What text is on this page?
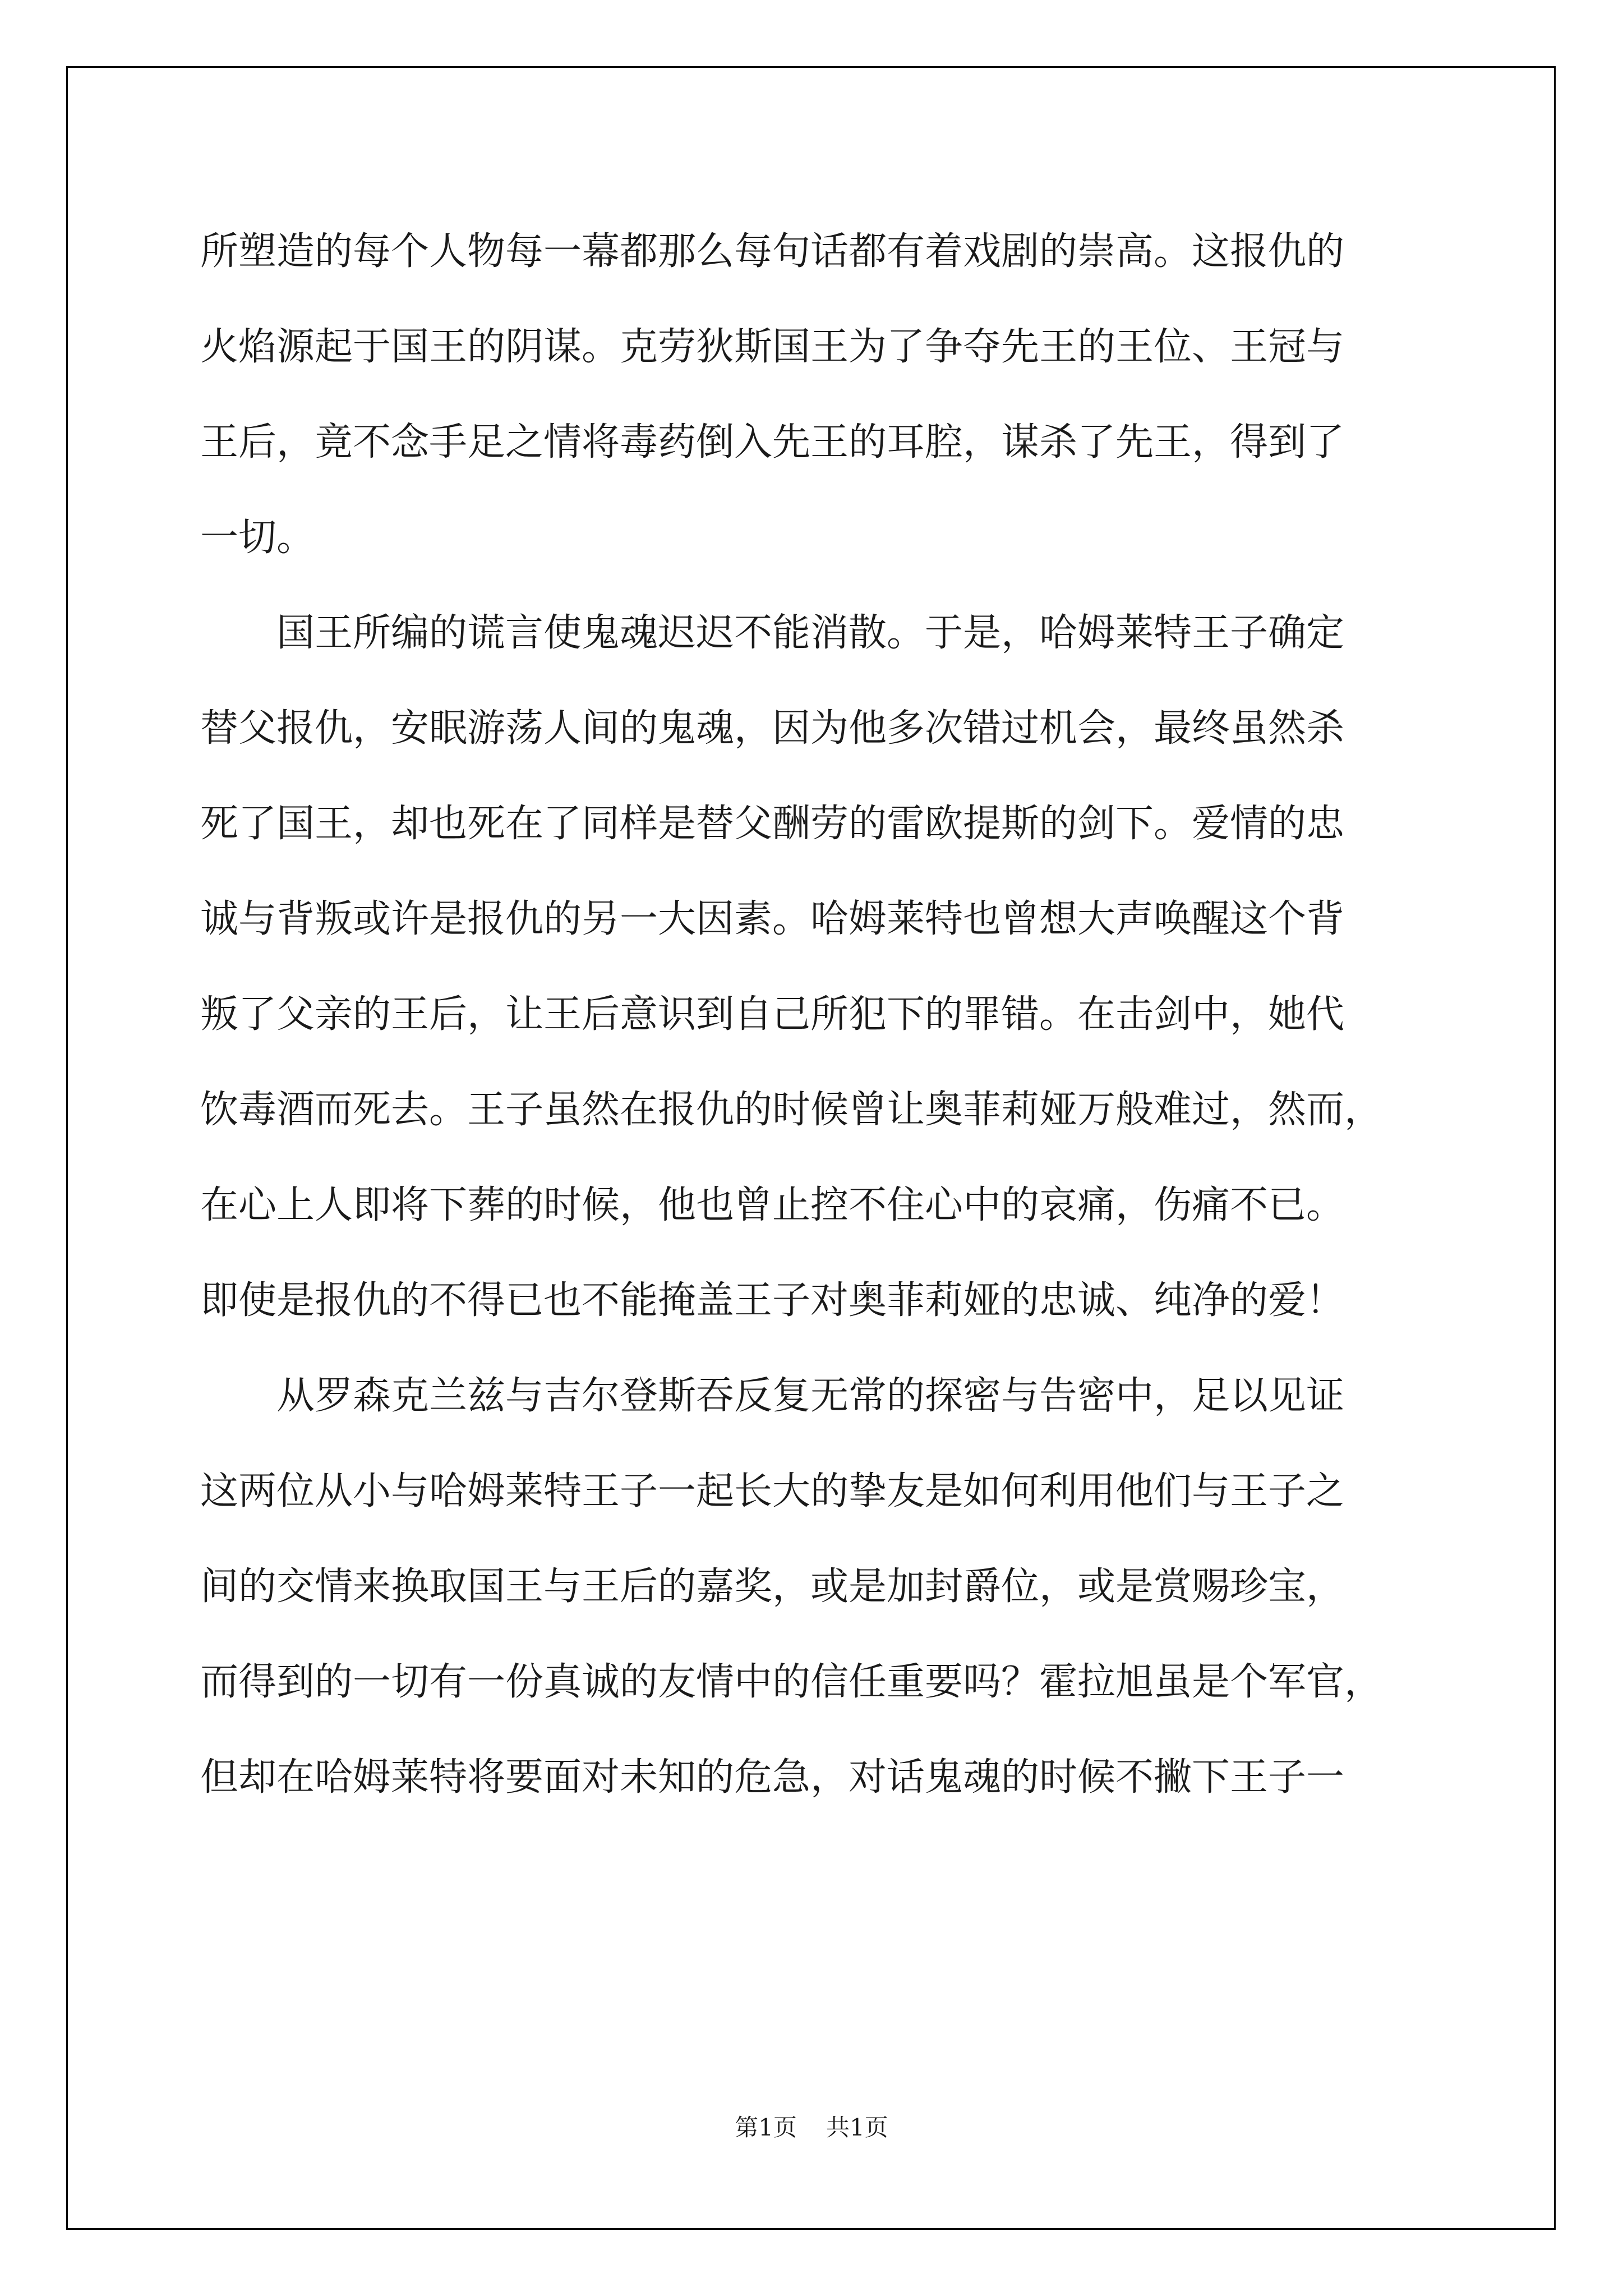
所塑造的每个人物每一幕都那么每句话都有着戏剧的崇高。这报仇的
火焰源起于国王的阴谋。克劳狄斯国王为了争夺先王的王位、王冠与
王后，竟不念手足之情将毒药倒入先王的耳腔，谋杀了先王，得到了
一切。
国王所编的谎言使鬼魂迟迟不能消散。于是，哈姆莱特王子确定
替父报仇，安眠游荡人间的鬼魂，因为他多次错过机会，最终虽然杀
死了国王，却也死在了同样是替父酬劳的雷欧提斯的剑下。爱情的忠
诚与背叛或许是报仇的另一大因素。哈姆莱特也曾想大声唤醒这个背
叛了父亲的王后，让王后意识到自己所犯下的罪错。在击剑中，她代
饮毒酒而死去。王子虽然在报仇的时候曾让奥菲莉娅万般难过，然而，
在心上人即将下葬的时候，他也曾止控不住心中的哀痛，伤痛不已。
即使是报仇的不得已也不能掩盖王子对奥菲莉娅的忠诚、纯净的爱！
从罗森克兰兹与吉尔登斯吞反复无常的探密与告密中，足以见证
这两位从小与哈姆莱特王子一起长大的挚友是如何利用他们与王子之
间的交情来换取国王与王后的嘉奖，或是加封爵位，或是赏赐珍宝，
而得到的一切有一份真诚的友情中的信任重要吗？霍拉旭虽是个军官，
但却在哈姆莱特将要面对未知的危急，对话鬼魂的时候不撇下王子一
第1页 共1页
